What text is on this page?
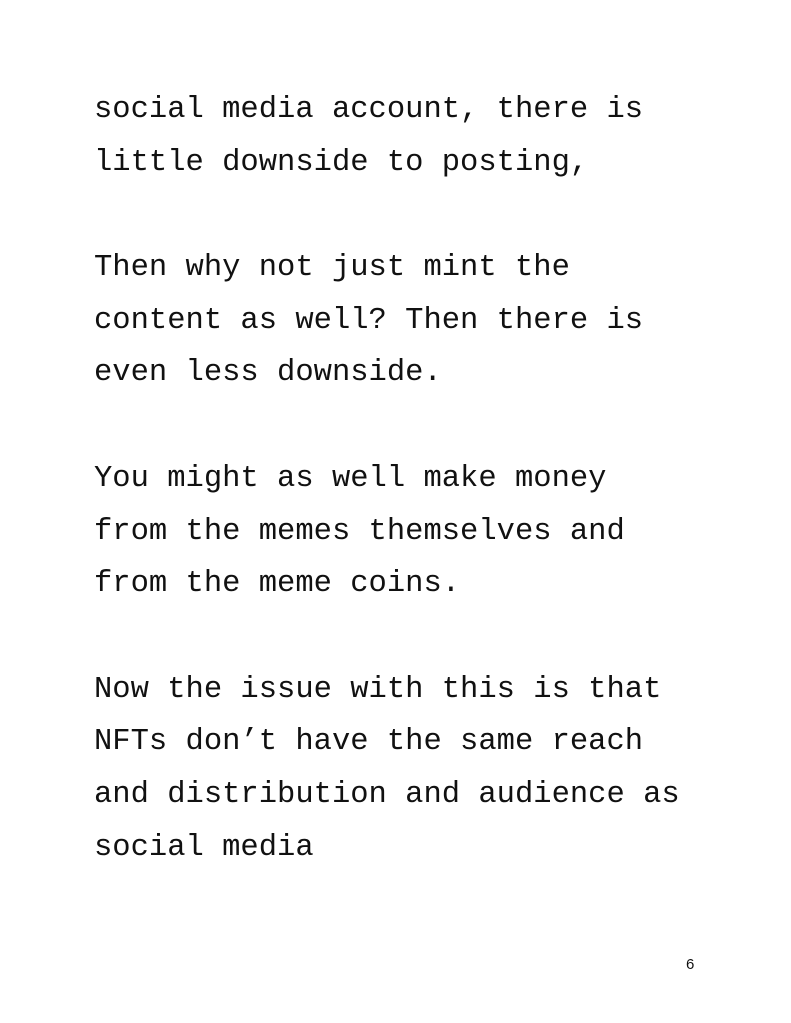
social media account, there is
little downside to posting,
Then why not just mint the
content as well? Then there is
even less downside.
You might as well make money
from the memes themselves and
from the meme coins.
Now the issue with this is that
NFTs don’t have the same reach
and distribution and audience as
social media
6
